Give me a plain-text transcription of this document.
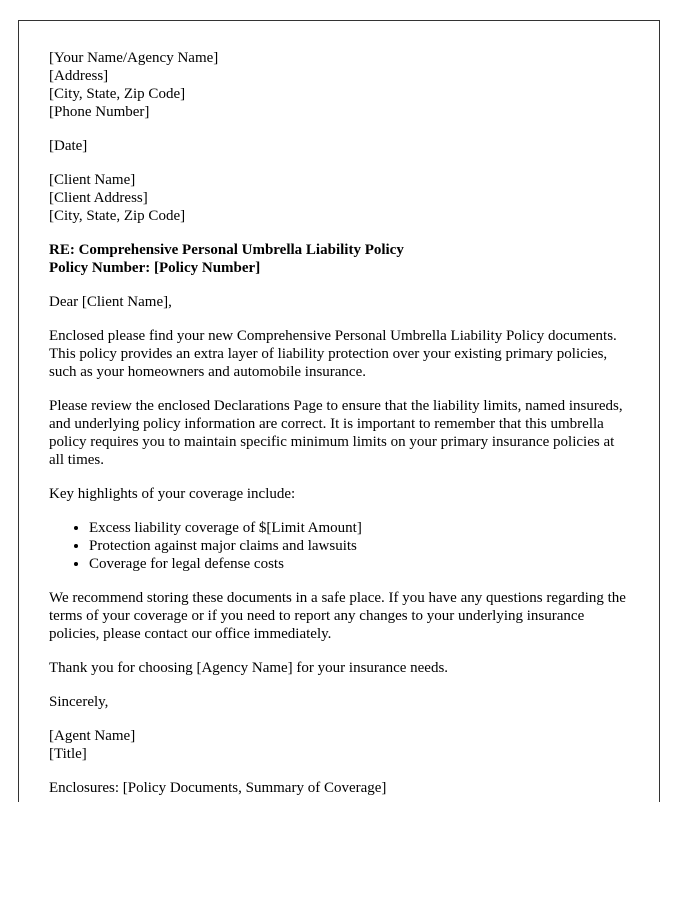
[Your Name/Agency Name]
[Address]
[City, State, Zip Code]
[Phone Number]
[Date]
[Client Name]
[Client Address]
[City, State, Zip Code]
RE: Comprehensive Personal Umbrella Liability Policy
Policy Number: [Policy Number]

Dear [Client Name],

Enclosed please find your new Comprehensive Personal Umbrella Liability Policy documents. This policy provides an extra layer of liability protection over your existing primary policies, such as your homeowners and automobile insurance.

Please review the enclosed Declarations Page to ensure that the liability limits, named insureds, and underlying policy information are correct. It is important to remember that this umbrella policy requires you to maintain specific minimum limits on your primary insurance policies at all times.

Key highlights of your coverage include:

• Excess liability coverage of $[Limit Amount]
• Protection against major claims and lawsuits
• Coverage for legal defense costs

We recommend storing these documents in a safe place. If you have any questions regarding the terms of your coverage or if you need to report any changes to your underlying insurance policies, please contact our office immediately.

Thank you for choosing [Agency Name] for your insurance needs.

Sincerely,

[Agent Name]
[Title]

Enclosures: [Policy Documents, Summary of Coverage]
